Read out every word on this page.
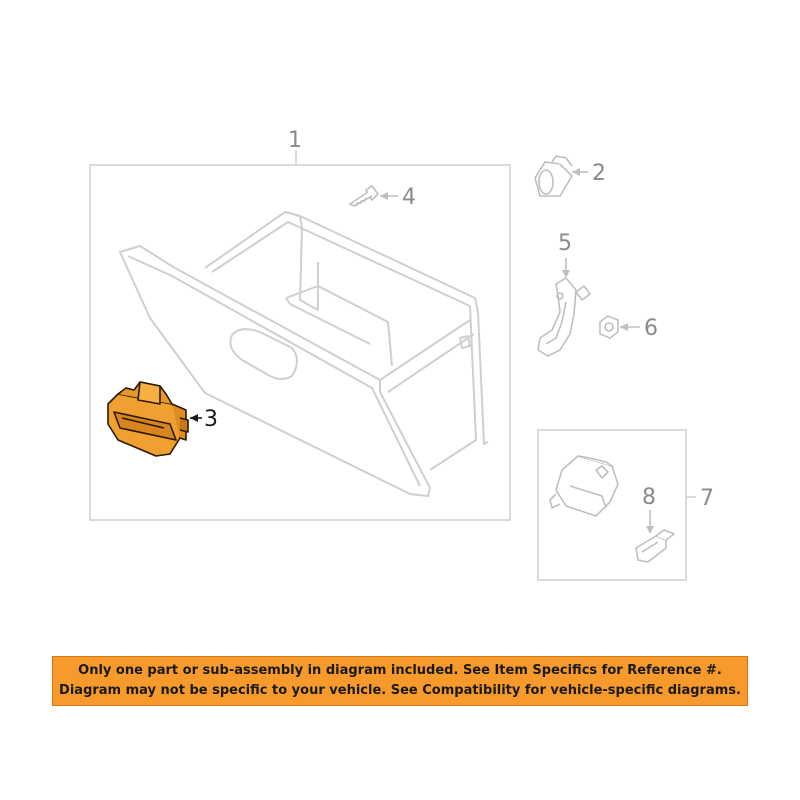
1
2
4
5
6
7
8
3
Only one part or sub-assembly in diagram included. See Item Specifics for Reference #.
Diagram may not be specific to your vehicle. See Compatibility for vehicle-specific diagrams.
